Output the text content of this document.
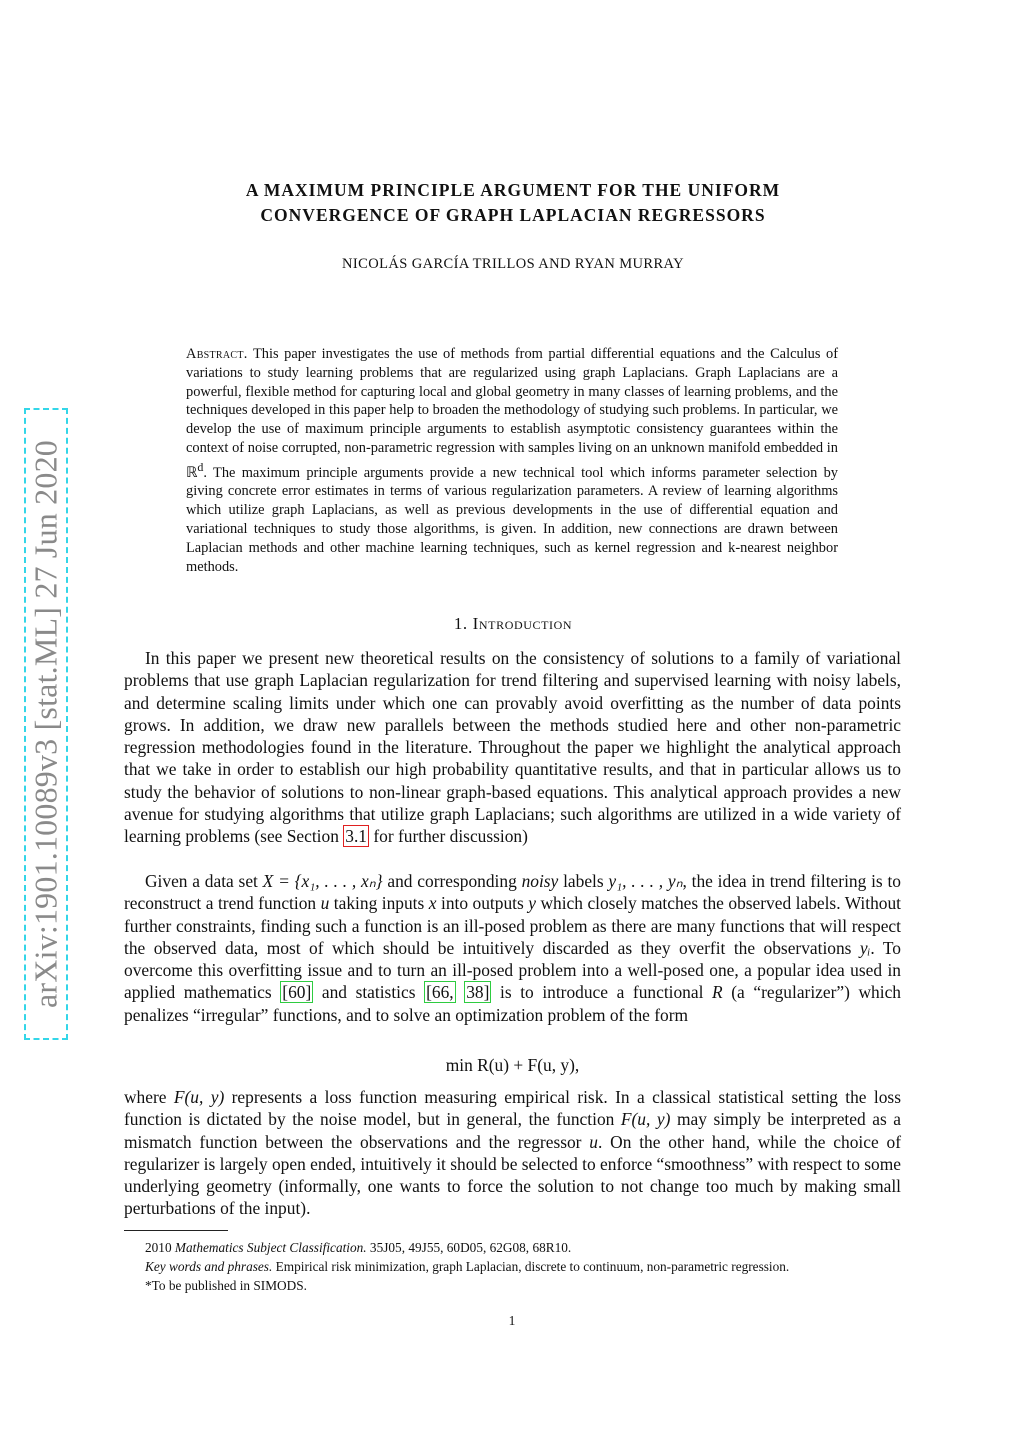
arXiv:1901.10089v3 [stat.ML] 27 Jun 2020
A MAXIMUM PRINCIPLE ARGUMENT FOR THE UNIFORM
CONVERGENCE OF GRAPH LAPLACIAN REGRESSORS
NICOLÁS GARCÍA TRILLOS AND RYAN MURRAY
Abstract. This paper investigates the use of methods from partial differential equations and the Calculus of variations to study learning problems that are regularized using graph Laplacians. Graph Laplacians are a powerful, flexible method for capturing local and global geometry in many classes of learning problems, and the techniques developed in this paper help to broaden the methodology of studying such problems. In particular, we develop the use of maximum principle arguments to establish asymptotic consistency guarantees within the context of noise corrupted, non-parametric regression with samples living on an unknown manifold embedded in ℝ$^d$. The maximum principle arguments provide a new technical tool which informs parameter selection by giving concrete error estimates in terms of various regularization parameters. A review of learning algorithms which utilize graph Laplacians, as well as previous developments in the use of differential equation and variational techniques to study those algorithms, is given. In addition, new connections are drawn between Laplacian methods and other machine learning techniques, such as kernel regression and k-nearest neighbor methods.
1. Introduction

In this paper we present new theoretical results on the consistency of solutions to a family of variational problems that use graph Laplacian regularization for trend filtering and supervised learning with noisy labels, and determine scaling limits under which one can provably avoid overfitting as the number of data points grows. In addition, we draw new parallels between the methods studied here and other non-parametric regression methodologies found in the literature. Throughout the paper we highlight the analytical approach that we take in order to establish our high probability quantitative results, and that in particular allows us to study the behavior of solutions to non-linear graph-based equations. This analytical approach provides a new avenue for studying algorithms that utilize graph Laplacians; such algorithms are utilized in a wide variety of learning problems (see Section 3.1 for further discussion)

Given a data set X = {x₁, . . . , xₙ} and corresponding noisy labels y₁, . . . , yₙ, the idea in trend filtering is to reconstruct a trend function u taking inputs x into outputs y which closely matches the observed labels. Without further constraints, finding such a function is an ill-posed problem as there are many functions that will respect the observed data, most of which should be intuitively discarded as they overfit the observations yᵢ. To overcome this overfitting issue and to turn an ill-posed problem into a well-posed one, a popular idea used in applied mathematics [60] and statistics [66, 38] is to introduce a functional R (a “regularizer”) which penalizes “irregular” functions, and to solve an optimization problem of the form

min R(u) + F(u, y),

where F(u, y) represents a loss function measuring empirical risk. In a classical statistical setting the loss function is dictated by the noise model, but in general, the function F(u, y) may simply be interpreted as a mismatch function between the observations and the regressor u. On the other hand, while the choice of regularizer is largely open ended, intuitively it should be selected to enforce “smoothness” with respect to some underlying geometry (informally, one wants to force the solution to not change too much by making small perturbations of the input).

2010 Mathematics Subject Classification. 35J05, 49J55, 60D05, 62G08, 68R10.

Key words and phrases. Empirical risk minimization, graph Laplacian, discrete to continuum, non-parametric regression.

*To be published in SIMODS.

1
